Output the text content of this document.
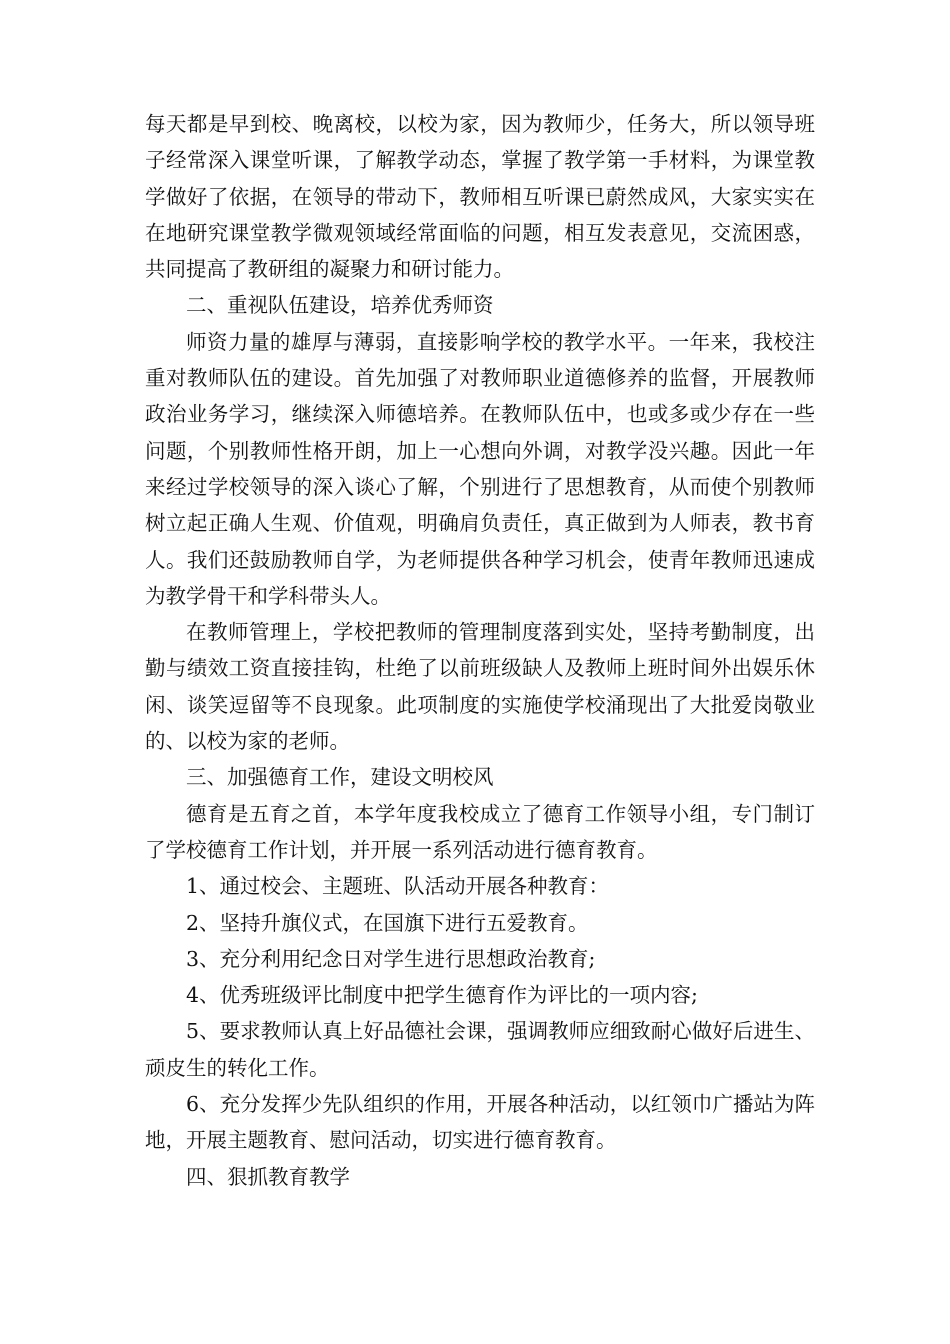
每天都是早到校、晚离校，以校为家，因为教师少，任务大，所以领导班子经常深入课堂听课，了解教学动态，掌握了教学第一手材料，为课堂教学做好了依据，在领导的带动下，教师相互听课已蔚然成风，大家实实在在地研究课堂教学微观领域经常面临的问题，相互发表意见，交流困惑，共同提高了教研组的凝聚力和研讨能力。

二、重视队伍建设，培养优秀师资

师资力量的雄厚与薄弱，直接影响学校的教学水平。一年来，我校注重对教师队伍的建设。首先加强了对教师职业道德修养的监督，开展教师政治业务学习，继续深入师德培养。在教师队伍中，也或多或少存在一些问题，个别教师性格开朗，加上一心想向外调，对教学没兴趣。因此一年来经过学校领导的深入谈心了解，个别进行了思想教育，从而使个别教师树立起正确人生观、价值观，明确肩负责任，真正做到为人师表，教书育人。我们还鼓励教师自学，为老师提供各种学习机会，使青年教师迅速成为教学骨干和学科带头人。

在教师管理上，学校把教师的管理制度落到实处，坚持考勤制度，出勤与绩效工资直接挂钩，杜绝了以前班级缺人及教师上班时间外出娱乐休闲、谈笑逗留等不良现象。此项制度的实施使学校涌现出了大批爱岗敬业的、以校为家的老师。

三、加强德育工作，建设文明校风

德育是五育之首，本学年度我校成立了德育工作领导小组，专门制订了学校德育工作计划，并开展一系列活动进行德育教育。

1、通过校会、主题班、队活动开展各种教育：

2、坚持升旗仪式，在国旗下进行五爱教育。

3、充分利用纪念日对学生进行思想政治教育;

4、优秀班级评比制度中把学生德育作为评比的一项内容;

5、要求教师认真上好品德社会课，强调教师应细致耐心做好后进生、顽皮生的转化工作。

6、充分发挥少先队组织的作用，开展各种活动，以红领巾广播站为阵地，开展主题教育、慰问活动，切实进行德育教育。

四、狠抓教育教学
